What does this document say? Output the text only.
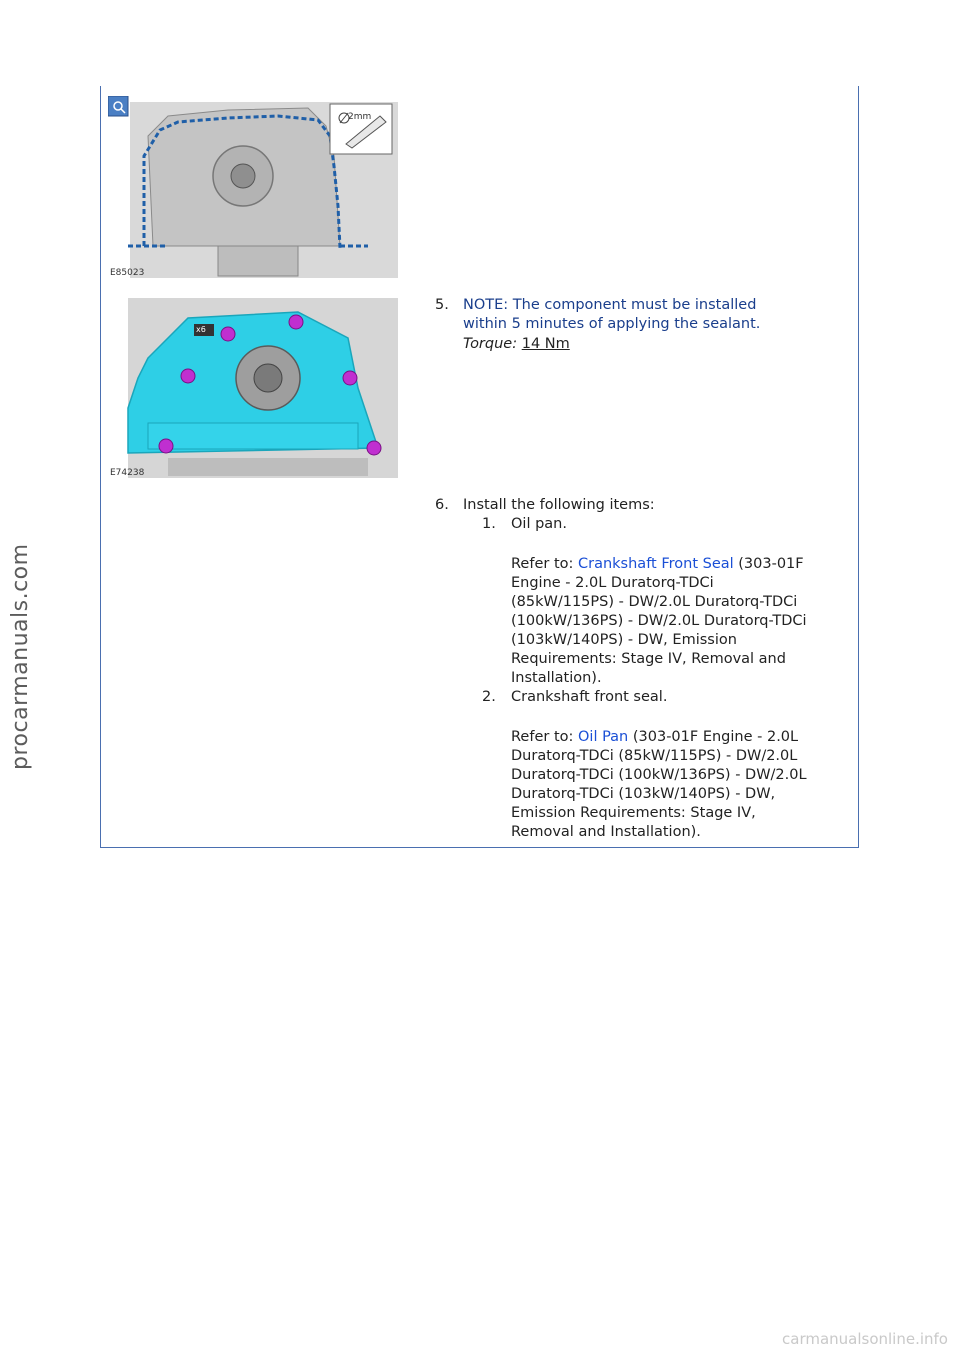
E85023
2mm
E74238
x6
5. NOTE: The component must be installed
within 5 minutes of applying the sealant.
Torque: 14 Nm
6. Install the following items:
1. Oil pan.
Refer to: Crankshaft Front Seal (303-01F
Engine - 2.0L Duratorq-TDCi
(85kW/115PS) - DW/2.0L Duratorq-TDCi
(100kW/136PS) - DW/2.0L Duratorq-TDCi
(103kW/140PS) - DW, Emission
Requirements: Stage IV, Removal and
Installation).
2. Crankshaft front seal.
Refer to: Oil Pan (303-01F Engine - 2.0L
Duratorq-TDCi (85kW/115PS) - DW/2.0L
Duratorq-TDCi (100kW/136PS) - DW/2.0L
Duratorq-TDCi (103kW/140PS) - DW,
Emission Requirements: Stage IV,
Removal and Installation).
procarmanuals.com
carmanualsonline.info
